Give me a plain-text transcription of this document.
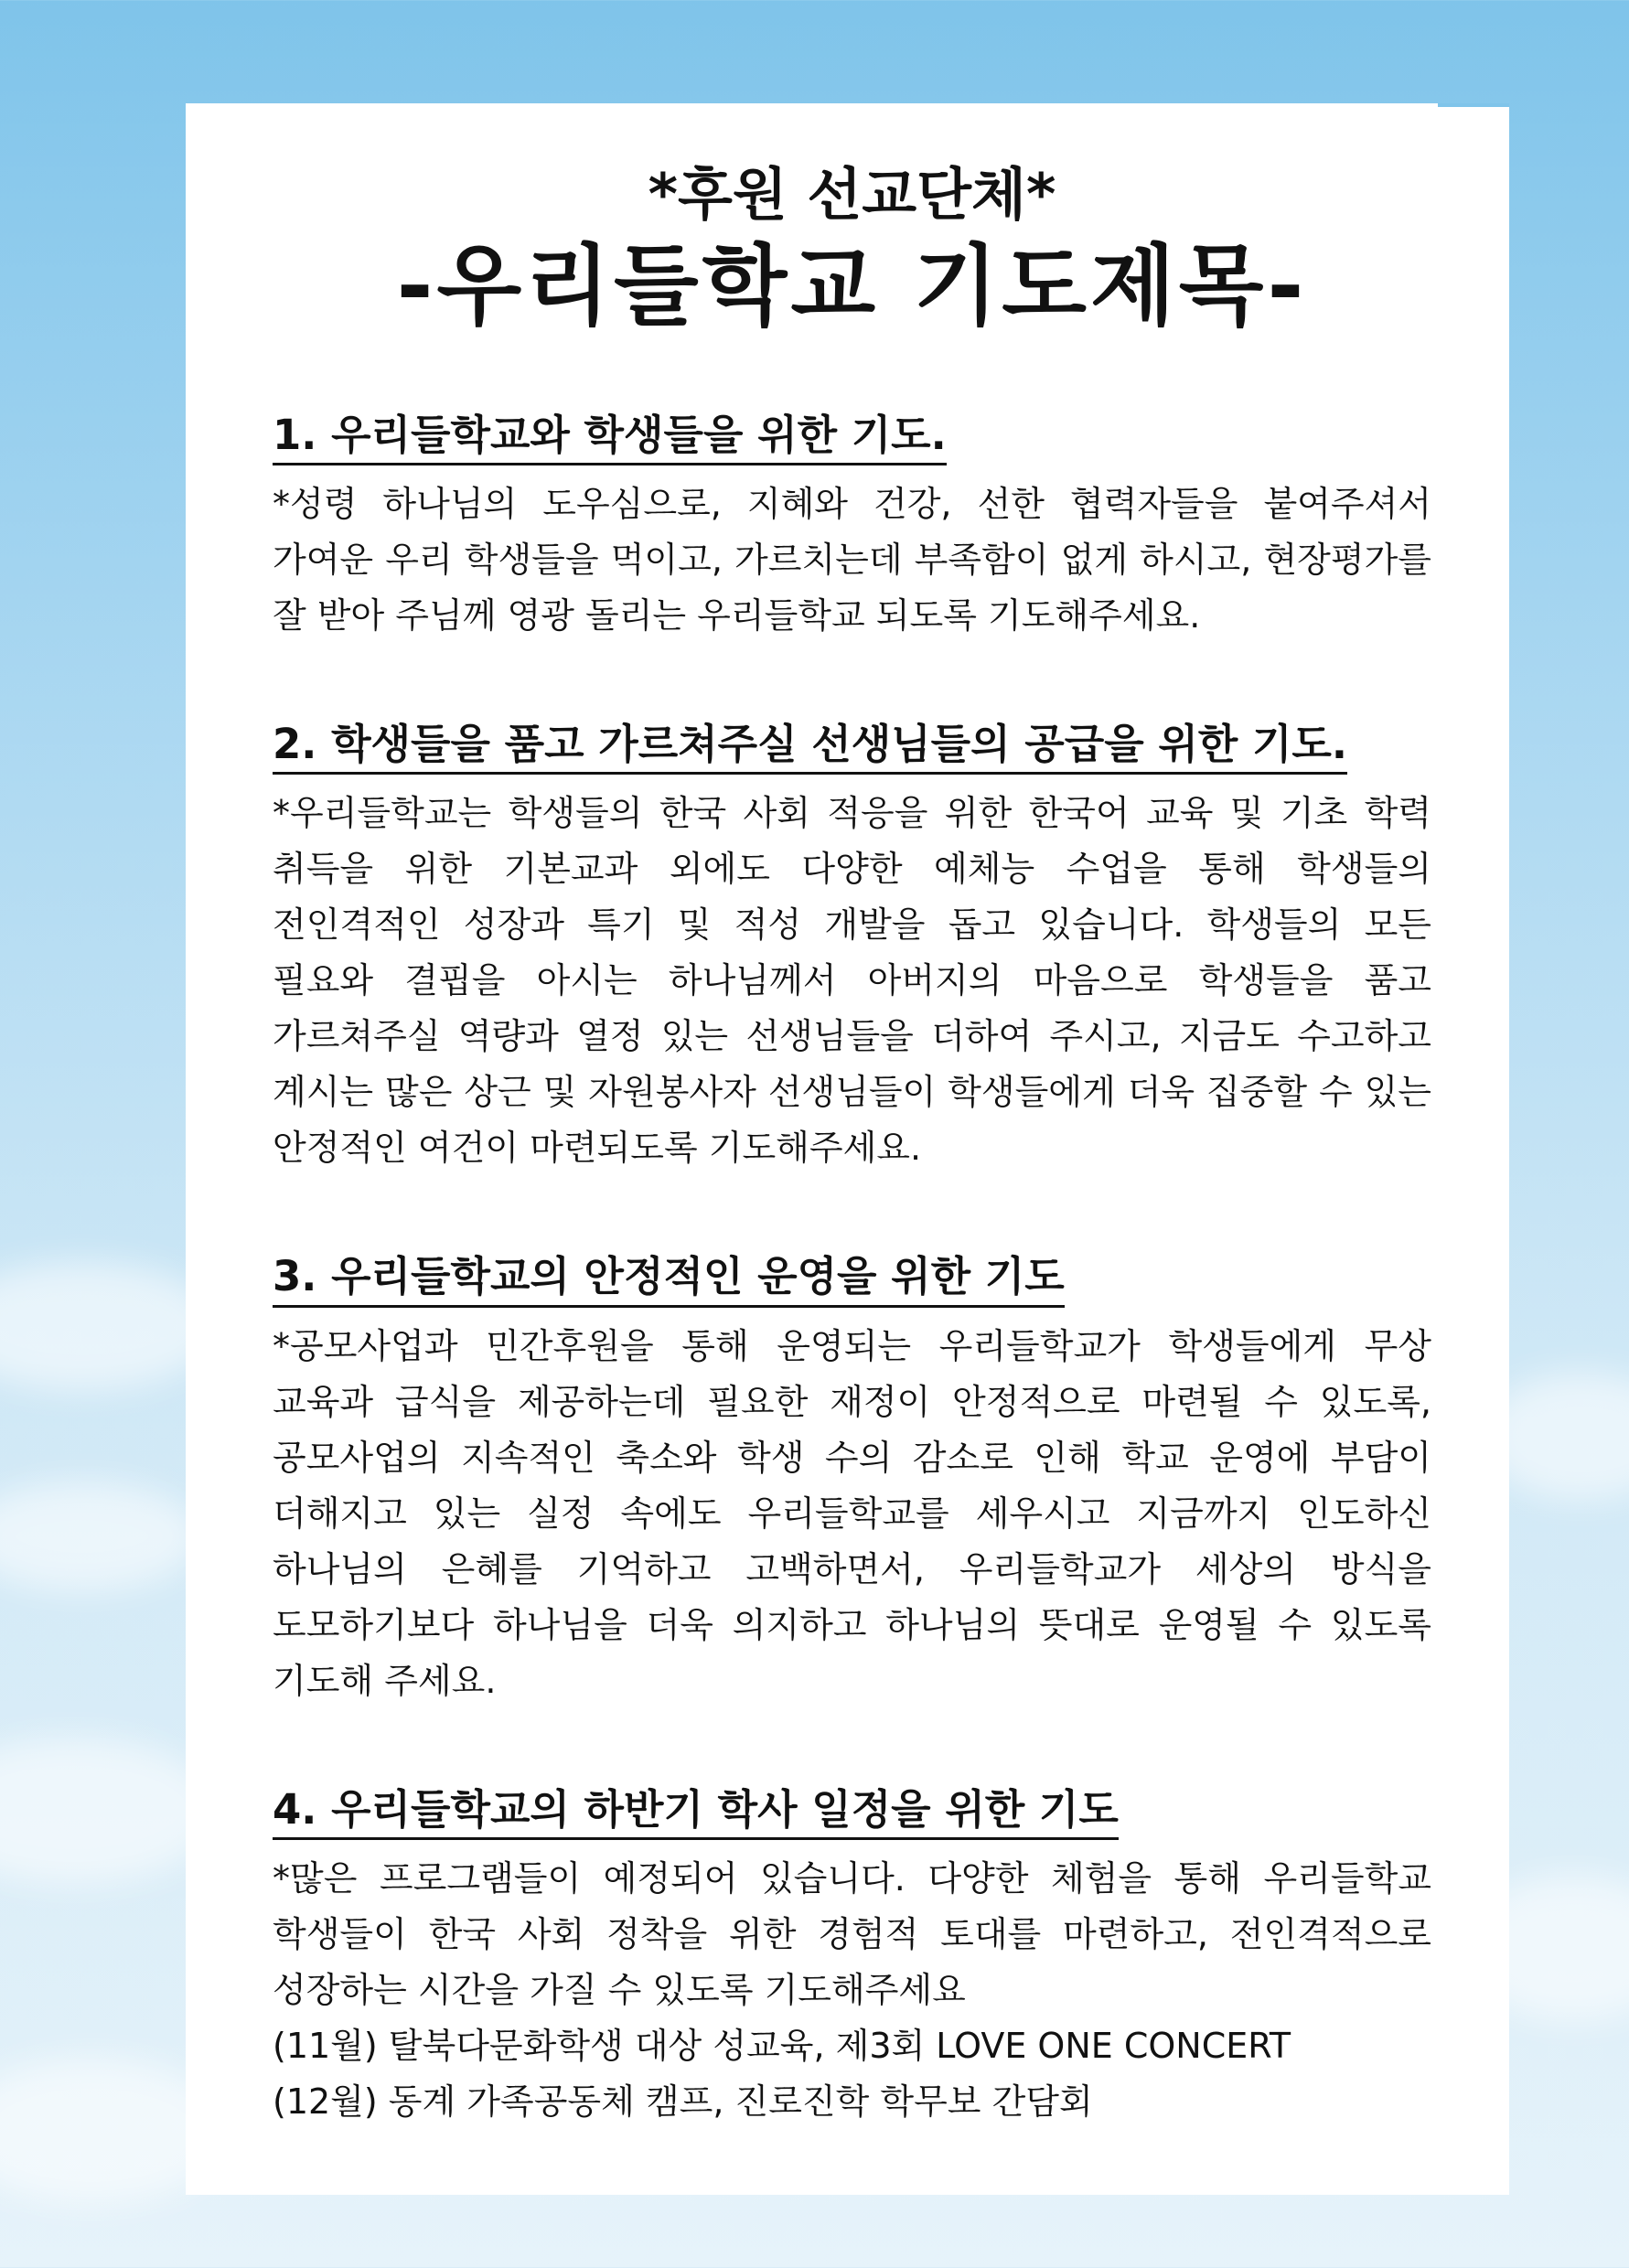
*후원 선교단체*
-우리들학교 기도제목-
1. 우리들학교와 학생들을 위한 기도.

*성령 하나님의 도우심으로, 지혜와 건강, 선한 협력자들을 붙여주셔서 가여운 우리 학생들을 먹이고, 가르치는데 부족함이 없게 하시고, 현장평가를 잘 받아 주님께 영광 돌리는 우리들학교 되도록 기도해주세요.

2. 학생들을 품고 가르쳐주실 선생님들의 공급을 위한 기도.

*우리들학교는 학생들의 한국 사회 적응을 위한 한국어 교육 및 기초 학력 취득을 위한 기본교과 외에도 다양한 예체능 수업을 통해 학생들의 전인격적인 성장과 특기 및 적성 개발을 돕고 있습니다. 학생들의 모든 필요와 결핍을 아시는 하나님께서 아버지의 마음으로 학생들을 품고 가르쳐주실 역량과 열정 있는 선생님들을 더하여 주시고, 지금도 수고하고 계시는 많은 상근 및 자원봉사자 선생님들이 학생들에게 더욱 집중할 수 있는 안정적인 여건이 마련되도록 기도해주세요.

3. 우리들학교의 안정적인 운영을 위한 기도

*공모사업과 민간후원을 통해 운영되는 우리들학교가 학생들에게 무상 교육과 급식을 제공하는데 필요한 재정이 안정적으로 마련될 수 있도록, 공모사업의 지속적인 축소와 학생 수의 감소로 인해 학교 운영에 부담이 더해지고 있는 실정 속에도 우리들학교를 세우시고 지금까지 인도하신 하나님의 은혜를 기억하고 고백하면서, 우리들학교가 세상의 방식을 도모하기보다 하나님을 더욱 의지하고 하나님의 뜻대로 운영될 수 있도록 기도해 주세요.

4. 우리들학교의 하반기 학사 일정을 위한 기도

*많은 프로그램들이 예정되어 있습니다. 다양한 체험을 통해 우리들학교 학생들이 한국 사회 정착을 위한 경험적 토대를 마련하고, 전인격적으로 성장하는 시간을 가질 수 있도록 기도해주세요

(11월) 탈북다문화학생 대상 성교육, 제3회 LOVE ONE CONCERT

(12월) 동계 가족공동체 캠프, 진로진학 학무보 간담회
